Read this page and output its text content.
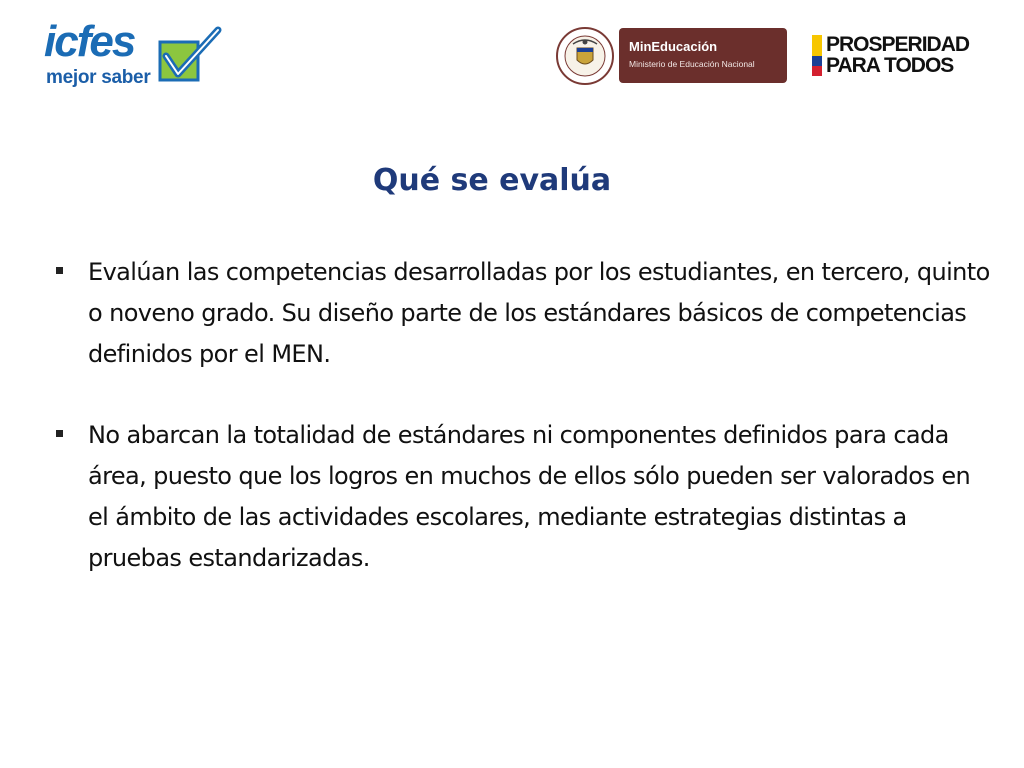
icfes
mejor saber
MinEducación
Ministerio de Educación Nacional
PROSPERIDAD
PARA TODOS
Qué se evalúa
Evalúan las competencias desarrolladas por los estudiantes, en tercero, quinto o noveno grado. Su diseño parte de los estándares básicos de competencias definidos por el MEN.
No abarcan la totalidad de estándares ni componentes definidos para cada área, puesto que los logros en muchos de ellos sólo pueden ser valorados en el ámbito de las actividades escolares, mediante estrategias distintas a pruebas estandarizadas.
